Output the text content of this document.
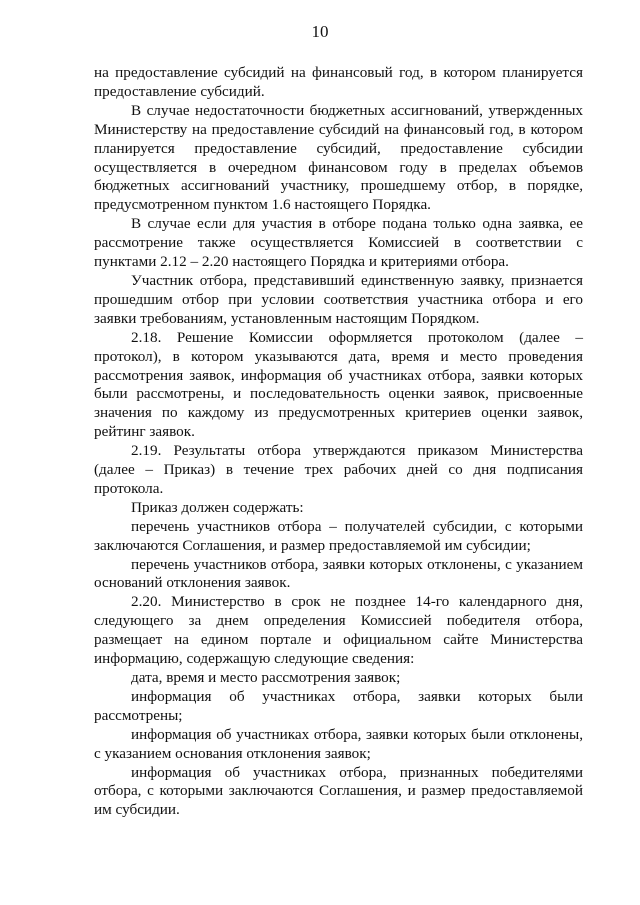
10

на предоставление субсидий на финансовый год, в котором планируется предоставление субсидий.

В случае недостаточности бюджетных ассигнований, утвержденных Министерству на предоставление субсидий на финансовый год, в котором планируется предоставление субсидий, предоставление субсидии осуществляется в очередном финансовом году в пределах объемов бюджетных ассигнований участнику, прошедшему отбор, в порядке, предусмотренном пунктом 1.6 настоящего Порядка.

В случае если для участия в отборе подана только одна заявка, ее рассмотрение также осуществляется Комиссией в соответствии с пунктами 2.12 – 2.20 настоящего Порядка и критериями отбора.

Участник отбора, представивший единственную заявку, признается прошедшим отбор при условии соответствия участника отбора и его заявки требованиям, установленным настоящим Порядком.

2.18. Решение Комиссии оформляется протоколом (далее – протокол), в котором указываются дата, время и место проведения рассмотрения заявок, информация об участниках отбора, заявки которых были рассмотрены, и последовательность оценки заявок, присвоенные значения по каждому из предусмотренных критериев оценки заявок, рейтинг заявок.

2.19. Результаты отбора утверждаются приказом Министерства (далее – Приказ) в течение трех рабочих дней со дня подписания протокола.

Приказ должен содержать:

перечень участников отбора – получателей субсидии, с которыми заключаются Соглашения, и размер предоставляемой им субсидии;

перечень участников отбора, заявки которых отклонены, с указанием оснований отклонения заявок.

2.20. Министерство в срок не позднее 14-го календарного дня, следующего за днем определения Комиссией победителя отбора, размещает на едином портале и официальном сайте Министерства информацию, содержащую следующие сведения:

дата, время и место рассмотрения заявок;

информация об участниках отбора, заявки которых были рассмотрены;

информация об участниках отбора, заявки которых были отклонены, с указанием основания отклонения заявок;

информация об участниках отбора, признанных победителями отбора, с которыми заключаются Соглашения, и размер предоставляемой им субсидии.
